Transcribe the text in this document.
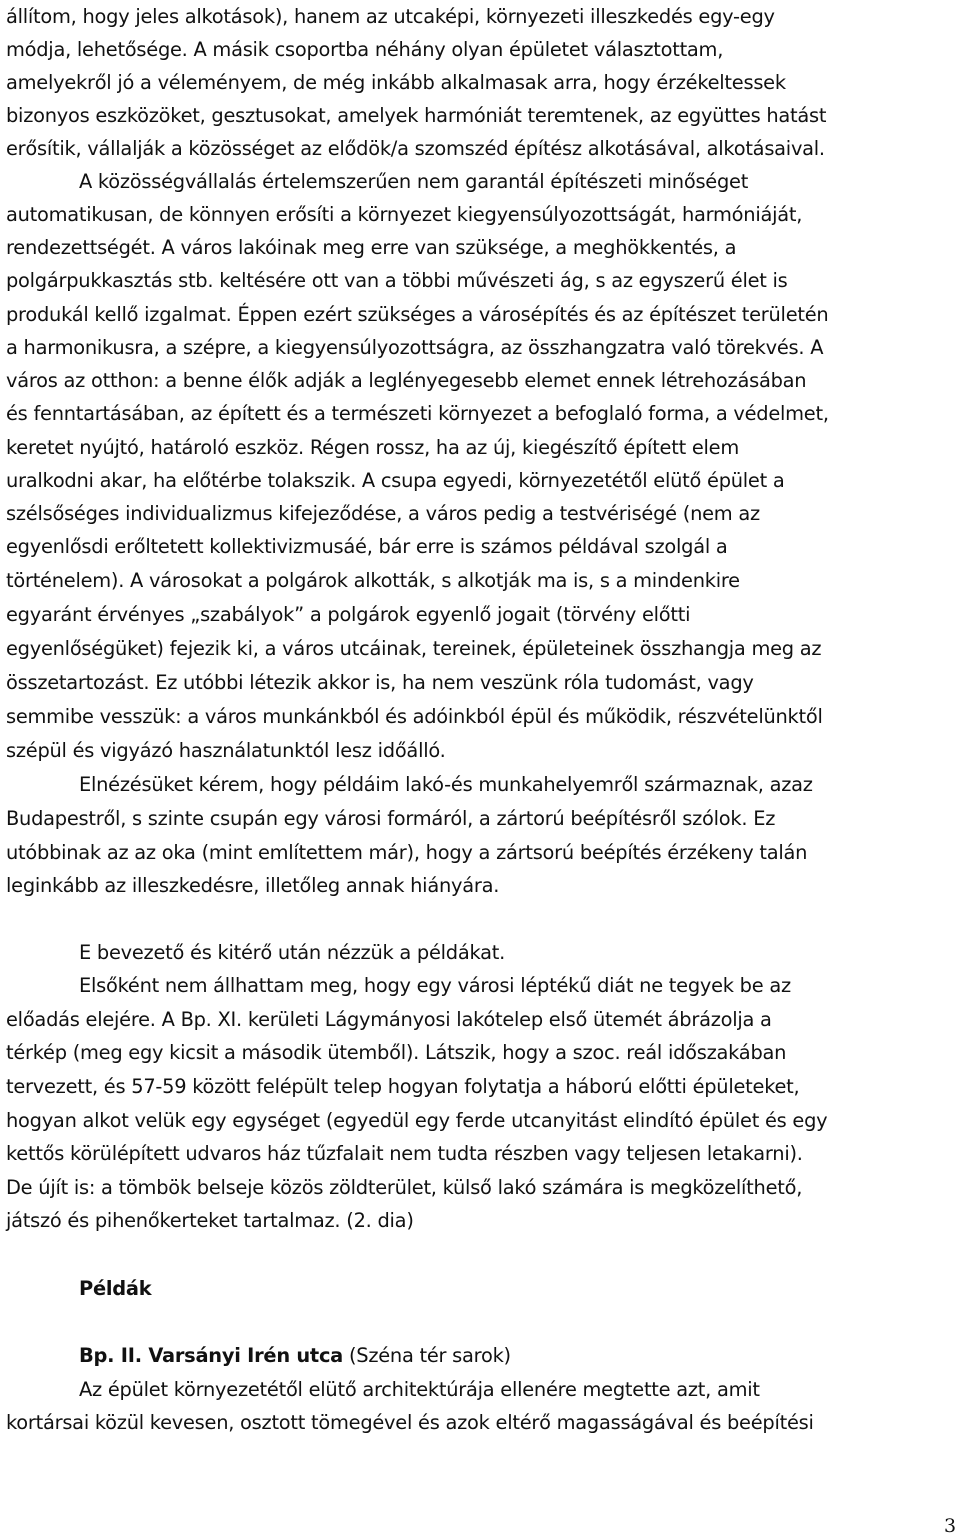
állítom, hogy jeles alkotások), hanem az utcaképi, környezeti illeszkedés egy-egy
módja, lehetősége. A másik csoportba néhány olyan épületet választottam,
amelyekről jó a véleményem, de még inkább alkalmasak arra, hogy érzékeltessek
bizonyos eszközöket, gesztusokat, amelyek harmóniát teremtenek, az együttes hatást
erősítik, vállalják a közösséget az elődök/a szomszéd építész alkotásával, alkotásaival.
A közösségvállalás értelemszerűen nem garantál építészeti minőséget
automatikusan, de könnyen erősíti a környezet kiegyensúlyozottságát, harmóniáját,
rendezettségét. A város lakóinak meg erre van szüksége, a meghökkentés, a
polgárpukkasztás stb. keltésére ott van a többi művészeti ág, s az egyszerű élet is
produkál kellő izgalmat. Éppen ezért szükséges a városépítés és az építészet területén
a harmonikusra, a szépre, a kiegyensúlyozottságra, az összhangzatra való törekvés. A
város az otthon: a benne élők adják a leglényegesebb elemet ennek létrehozásában
és fenntartásában, az épített és a természeti környezet a befoglaló forma, a védelmet,
keretet nyújtó, határoló eszköz. Régen rossz, ha az új, kiegészítő épített elem
uralkodni akar, ha előtérbe tolakszik. A csupa egyedi, környezetétől elütő épület a
szélsőséges individualizmus kifejeződése, a város pedig a testvériségé (nem az
egyenlősdi erőltetett kollektivizmusáé, bár erre is számos példával szolgál a
történelem). A városokat a polgárok alkották, s alkotják ma is, s a mindenkire
egyaránt érvényes „szabályok” a polgárok egyenlő jogait (törvény előtti
egyenlőségüket) fejezik ki, a város utcáinak, tereinek, épületeinek összhangja meg az
összetartozást. Ez utóbbi létezik akkor is, ha nem veszünk róla tudomást, vagy
semmibe vesszük: a város munkánkból és adóinkból épül és működik, részvételünktől
szépül és vigyázó használatunktól lesz időálló.
Elnézésüket kérem, hogy példáim lakó-és munkahelyemről származnak, azaz
Budapestről, s szinte csupán egy városi formáról, a zártorú beépítésről szólok. Ez
utóbbinak az az oka (mint említettem már), hogy a zártsorú beépítés érzékeny talán
leginkább az illeszkedésre, illetőleg annak hiányára.
E bevezető és kitérő után nézzük a példákat.
Elsőként nem állhattam meg, hogy egy városi léptékű diát ne tegyek be az
előadás elejére. A Bp. XI. kerületi Lágymányosi lakótelep első ütemét ábrázolja a
térkép (meg egy kicsit a második ütemből). Látszik, hogy a szoc. reál időszakában
tervezett, és 57-59 között felépült telep hogyan folytatja a háború előtti épületeket,
hogyan alkot velük egy egységet (egyedül egy ferde utcanyitást elindító épület és egy
kettős körülépített udvaros ház tűzfalait nem tudta részben vagy teljesen letakarni).
De újít is: a tömbök belseje közös zöldterület, külső lakó számára is megközelíthető,
játszó és pihenőkerteket tartalmaz. (2. dia)
Példák
Bp. II. Varsányi Irén utca (Széna tér sarok)
Az épület környezetétől elütő architektúrája ellenére megtette azt, amit
kortársai közül kevesen, osztott tömegével és azok eltérő magasságával és beépítési
3
